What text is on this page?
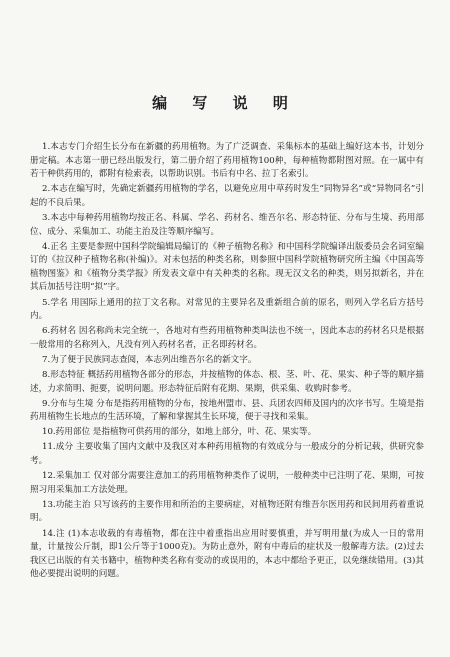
编 写 说 明

1.本志专门介绍生长分布在新疆的药用植物。为了广泛调查、采集标本的基础上编好这本书，计划分册定稿。本志第一册已经出版发行，第二册介绍了药用植物100种，每种植物都附图对照。在一属中有若干种供药用的，都附有检索表，以帮助识别。书后有中名、拉丁名索引。

2.本志在编写时，先确定新疆药用植物的学名，以避免应用中草药时发生“同物异名”或“异物同名”引起的不良后果。

3.本志中每种药用植物均按正名、科属、学名、药材名、维吾尔名、形态特征、分布与生境、药用部位、成分、采集加工、功能主治及注等顺序编写。

4.正名 主要是参照中国科学院编辑局编订的《种子植物名称》和中国科学院编译出版委员会名词室编订的《拉汉种子植物名称(补编)》。对未包括的种类名称，则参照中国科学院植物研究所主编《中国高等植物图鉴》和《植物分类学报》所发表文章中有关种类的名称。现无汉文名的种类，则另拟新名，并在其后加括号注明“拟”字。

5.学名 用国际上通用的拉丁文名称。对常见的主要异名及重新组合前的原名，则列入学名后方括号内。

6.药材名 因名称尚未完全统一，各地对有些药用植物种类叫法也不统一，因此本志的药材名只是根据一般常用的名称列入，凡没有列入药材名者，正名即药材名。

7.为了便于民族同志查阅，本志列出维吾尔名的新文字。

8.形态特征 概括药用植物各部分的形态，并按植物的体态、根、茎、叶、花、果实、种子等的顺序描述，力求简明、扼要，说明问题。形态特征后附有花期、果期，供采集、收购时参考。

9.分布与生境 分布是指药用植物的分布，按地州盟市、县、兵团农四师及国内的次序书写。生境是指药用植物生长地点的生活环境，了解和掌握其生长环境，便于寻找和采集。

10.药用部位 是指植物可供药用的部分，如地上部分，叶、花、果实等。

11.成分 主要收集了国内文献中及我区对本种药用植物的有效成分与一般成分的分析记载，供研究参考。

12.采集加工 仅对部分需要注意加工的药用植物种类作了说明，一般种类中已注明了花、果期，可按照习用采集加工方法处理。

13.功能主治 只写该药的主要作用和所治的主要病症，对植物还附有维吾尔医用药和民间用药着重说明。

14.注 (1)本志收载的有毒植物，都在注中着重指出应用时要慎重，并写明用量(为成人一日的常用量，计量按公斤制，即1公斤等于1000克)。为防止意外，附有中毒后的症状及一般解毒方法。(2)过去我区已出版的有关书籍中，植物种类名称有变动的或误用的，本志中都给予更正，以免继续错用。(3)其他必要提出说明的问题。
